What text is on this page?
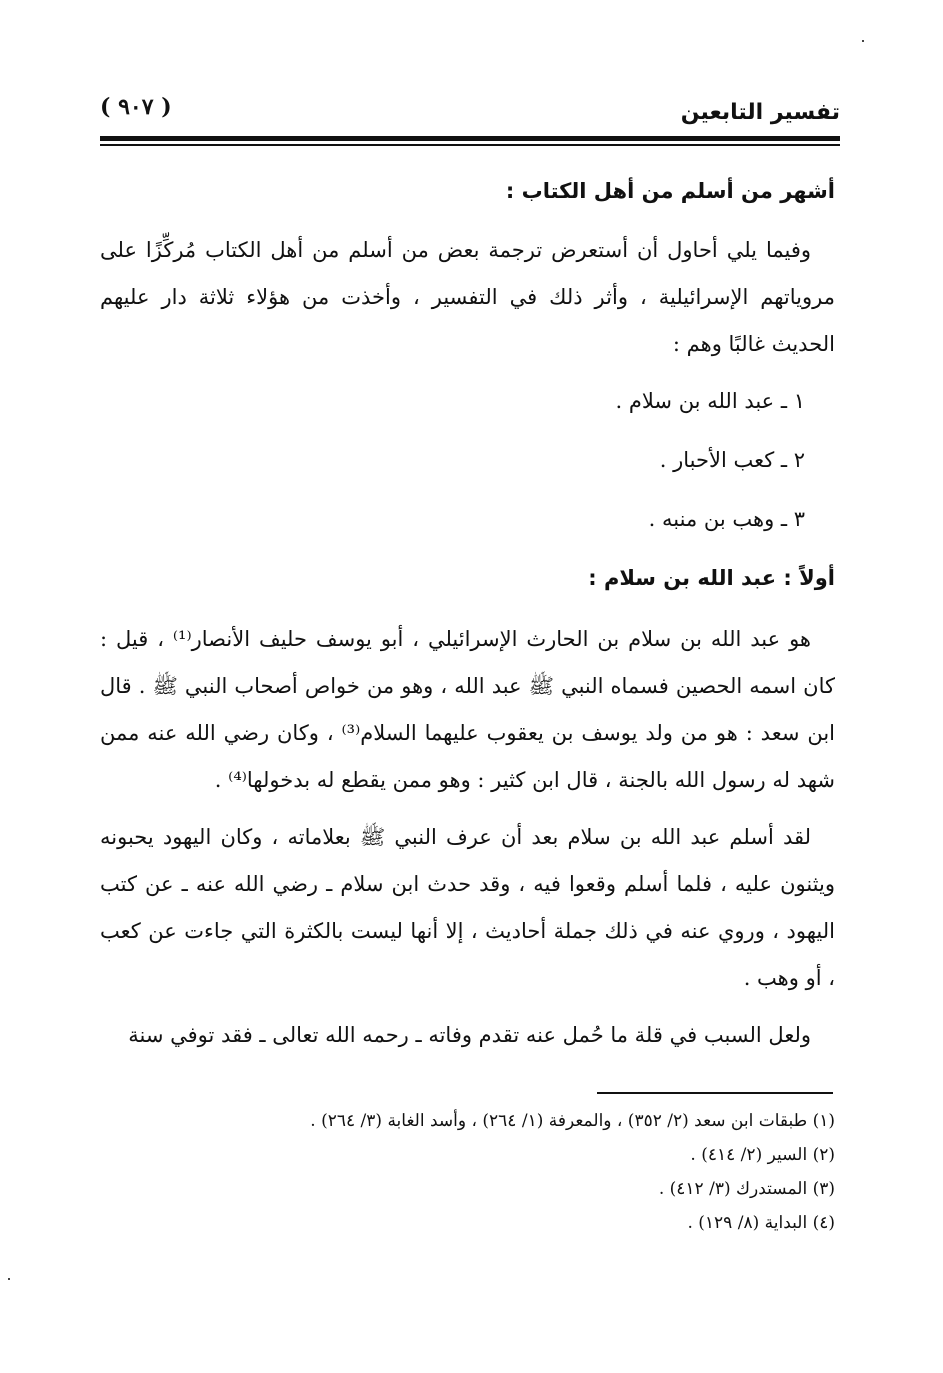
تفسير التابعين
( ٩٠٧ )
أشهر من أسلم من أهل الكتاب :

وفيما يلي أحاول أن أستعرض ترجمة بعض من أسلم من أهل الكتاب مُركِّزًا على مروياتهم الإسرائيلية ، وأثر ذلك في التفسير ، وأخذت من هؤلاء ثلاثة دار عليهم الحديث غالبًا وهم :

١ ـ عبد الله بن سلام .
٢ ـ كعب الأحبار .
٣ ـ وهب بن منبه .
أولاً : عبد الله بن سلام :

هو عبد الله بن سلام بن الحارث الإسرائيلي ، أبو يوسف حليف الأنصار⁽¹⁾ ، قيل : كان اسمه الحصين فسماه النبي ﷺ عبد الله ، وهو من خواص أصحاب النبي ﷺ . قال ابن سعد : هو من ولد يوسف بن يعقوب عليهما السلام⁽³⁾ ، وكان رضي الله عنه ممن شهد له رسول الله بالجنة ، قال ابن كثير : وهو ممن يقطع له بدخولها⁽⁴⁾ .

لقد أسلم عبد الله بن سلام بعد أن عرف النبي ﷺ بعلاماته ، وكان اليهود يحبونه ويثنون عليه ، فلما أسلم وقعوا فيه ، وقد حدث ابن سلام ـ رضي الله عنه ـ عن كتب اليهود ، وروي عنه في ذلك جملة أحاديث ، إلا أنها ليست بالكثرة التي جاءت عن كعب ، أو وهب .

ولعل السبب في قلة ما حُمل عنه تقدم وفاته ـ رحمه الله تعالى ـ فقد توفي سنة

(١) طبقات ابن سعد (٢/ ٣٥٢) ، والمعرفة (١/ ٢٦٤) ، وأسد الغابة (٣/ ٢٦٤) .

(٢) السير (٢/ ٤١٤) .

(٣) المستدرك (٣/ ٤١٢) .

(٤) البداية (٨/ ١٢٩) .
